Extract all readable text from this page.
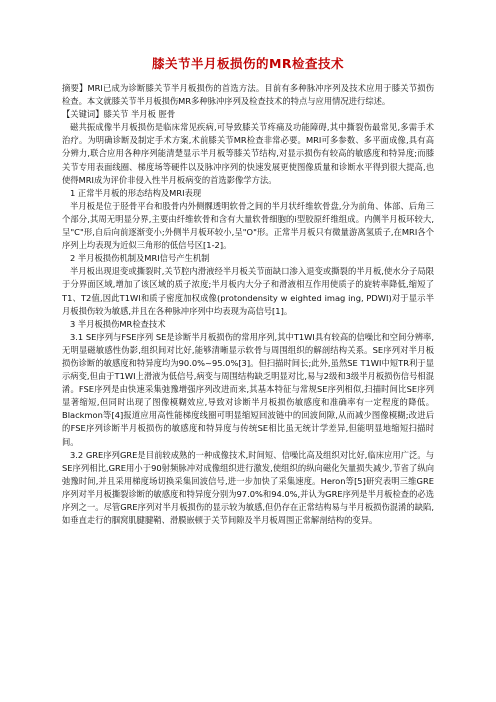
膝关节半月板损伤的MR检查技术

摘要】MRI已成为诊断膝关节半月板损伤的首选方法。目前有多种脉冲序列及技术应用于膝关节损伤检查。本文就膝关节半月板损伤MR多种脉冲序列及检查技术的特点与应用情况进行综述。

【关键词】膝关节 半月板 脛骨

磁共振成像半月板损伤是临床常见疾病,可导致膝关节疼痛及功能障碍,其中撕裂伤最常见,多需手术治疗。为明确诊断及制定手术方案,术前膝关节MR检查非常必要。MRI可多参数、多平面成像,具有高分辨力,联合应用各种序列能清楚显示半月板等膝关节结构,对显示损伤有较高的敏感度和特异度;而膝关节专用表面线圈、梯度场等硬件以及脉冲序列的快速发展更使图像质量和诊断水平得到很大提高,也使得MRI成为评价非侵入性半月板病变的首选影像学方法。

1 正常半月板的形态结构及MRI表现

半月板是位于胫骨平台和股骨内外侧髁透明软骨之间的半月状纤维软骨盘,分为前角、体部、后角三个部分,其周无明显分界,主要由纤维软骨和含有大量软骨细胞的ⅰ型胶原纤维组成。内侧半月板环较大,呈"C"形,自后向前逐渐变小;外侧半月板环较小,呈"O"形。正常半月板只有微量游离氢质子,在MRI各个序列上均表现为近似三角形的低信号区[1-2]。

2 半月板损伤机制及MRI信号产生机制

半月板出现退变或撕裂时,关节腔内滑液经半月板关节面缺口渗入退变或撕裂的半月板,使水分子局限于分界面区域,增加了该区域的质子浓度;半月板内大分子和滑液相互作用使质子的旋转率降低,缩短了T1、T2值,因此T1WI和质子密度加权成像(protondensity w eighted imag ing, PDWI)对于显示半月板损伤较为敏感,并且在各种脉冲序列中均表现为高信号[1]。

3 半月板损伤MR检查技术

3.1 SE序列与FSE序列 SE是诊断半月板损伤的常用序列,其中T1WI具有较高的信噪比和空间分辨率,无明显磁敏感性伪影,组织间对比好,能够清晰显示软骨与周围组织的解剖结构关系。SE序列对半月板损伤诊断的敏感度和特异度均为90.0%~95.0%[3]。但扫描时间长;此外,虽然SE T1WI中短TR利于显示病变,但由于T1WI上滑液为低信号,病变与周围结构缺乏明显对比,易与2级和3级半月板损伤信号相混淆。FSE序列是由快速采集弛豫增强序列改进而来,其基本特征与常规SE序列相似,扫描时间比SE序列显著缩短,但同时出现了图像模糊效应,导致对诊断半月板损伤敏感度和准确率有一定程度的降低。Blackmon等[4]报道应用高性能梯度线圈可明显缩短回波链中的回波间隙,从而减少图像模糊;改进后的FSE序列诊断半月板损伤的敏感度和特异度与传统SE相比虽无统计学差异,但能明显地缩短扫描时间。

3.2 GRE序列GRE是目前较成熟的一种成像技术,时间短、信噪比高及组织对比好,临床应用广泛。与SE序列相比,GRE用小于90射频脉冲对成像组织进行激发,使组织的纵向磁化矢量损失减少,节省了纵向弛豫时间,并且采用梯度场切换采集回波信号,进一步加快了采集速度。Heron等[5]研究表明三维GRE序列对半月板撕裂诊断的敏感度和特异度分别为97.0%和94.0%,并认为GRE序列是半月板检查的必选序列之一。尽管GRE序列对半月板损伤的显示较为敏感,但仍存在正常结构易与半月板损伤混淆的缺陷,如垂直走行的腘窝肌腱腱鞘、滑膜嵌顿于关节间隙及半月板周围正常解剖结构的变异。
